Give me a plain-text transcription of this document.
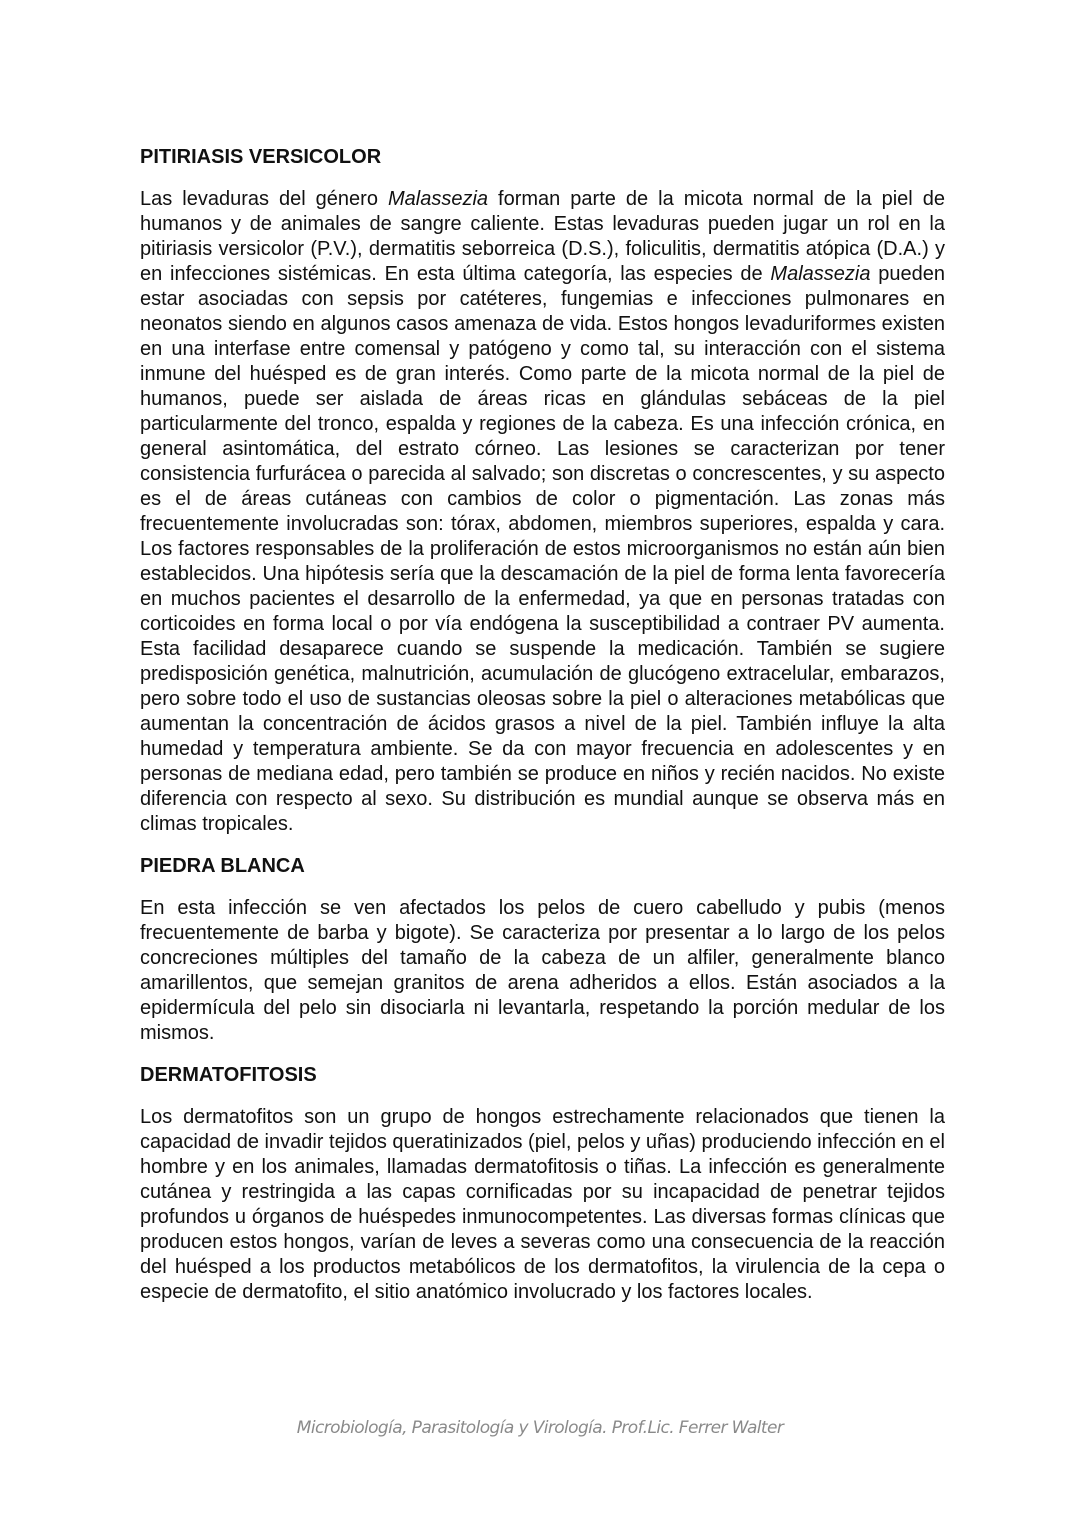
PITIRIASIS VERSICOLOR

Las levaduras del género Malassezia forman parte de la micota normal de la piel de humanos y de animales de sangre caliente. Estas levaduras pueden jugar un rol en la pitiriasis versicolor (P.V.), dermatitis seborreica (D.S.), foliculitis, dermatitis atópica (D.A.) y en infecciones sistémicas. En esta última categoría, las especies de Malassezia pueden estar asociadas con sepsis por catéteres, fungemias e infecciones pulmonares en neonatos siendo en algunos casos amenaza de vida. Estos hongos levaduriformes existen en una interfase entre comensal y patógeno y como tal, su interacción con el sistema inmune del huésped es de gran interés. Como parte de la micota normal de la piel de humanos, puede ser aislada de áreas ricas en glándulas sebáceas de la piel particularmente del tronco, espalda y regiones de la cabeza. Es una infección crónica, en general asintomática, del estrato córneo. Las lesiones se caracterizan por tener consistencia furfurácea o parecida al salvado; son discretas o concrescentes, y su aspecto es el de áreas cutáneas con cambios de color o pigmentación. Las zonas más frecuentemente involucradas son: tórax, abdomen, miembros superiores, espalda y cara. Los factores responsables de la proliferación de estos microorganismos no están aún bien establecidos. Una hipótesis sería que la descamación de la piel de forma lenta favorecería en muchos pacientes el desarrollo de la enfermedad, ya que en personas tratadas con corticoides en forma local o por vía endógena la susceptibilidad a contraer PV aumenta. Esta facilidad desaparece cuando se suspende la medicación. También se sugiere predisposición genética, malnutrición, acumulación de glucógeno extracelular, embarazos, pero sobre todo el uso de sustancias oleosas sobre la piel o alteraciones metabólicas que aumentan la concentración de ácidos grasos a nivel de la piel. También influye la alta humedad y temperatura ambiente. Se da con mayor frecuencia en adolescentes y en personas de mediana edad, pero también se produce en niños y recién nacidos. No existe diferencia con respecto al sexo. Su distribución es mundial aunque se observa más en climas tropicales.

PIEDRA BLANCA

En esta infección se ven afectados los pelos de cuero cabelludo y pubis (menos frecuentemente de barba y bigote). Se caracteriza por presentar a lo largo de los pelos concreciones múltiples del tamaño de la cabeza de un alfiler, generalmente blanco amarillentos, que semejan granitos de arena adheridos a ellos. Están asociados a la epidermícula del pelo sin disociarla ni levantarla, respetando la porción medular de los mismos.

DERMATOFITOSIS

Los dermatofitos son un grupo de hongos estrechamente relacionados que tienen la capacidad de invadir tejidos queratinizados (piel, pelos y uñas) produciendo infección en el hombre y en los animales, llamadas dermatofitosis o tiñas. La infección es generalmente cutánea y restringida a las capas cornificadas por su incapacidad de penetrar tejidos profundos u órganos de huéspedes inmunocompetentes. Las diversas formas clínicas que producen estos hongos, varían de leves a severas como una consecuencia de la reacción del huésped a los productos metabólicos de los dermatofitos, la virulencia de la cepa o especie de dermatofito, el sitio anatómico involucrado y los factores locales.

Microbiología, Parasitología y Virología. Prof.Lic. Ferrer Walter
